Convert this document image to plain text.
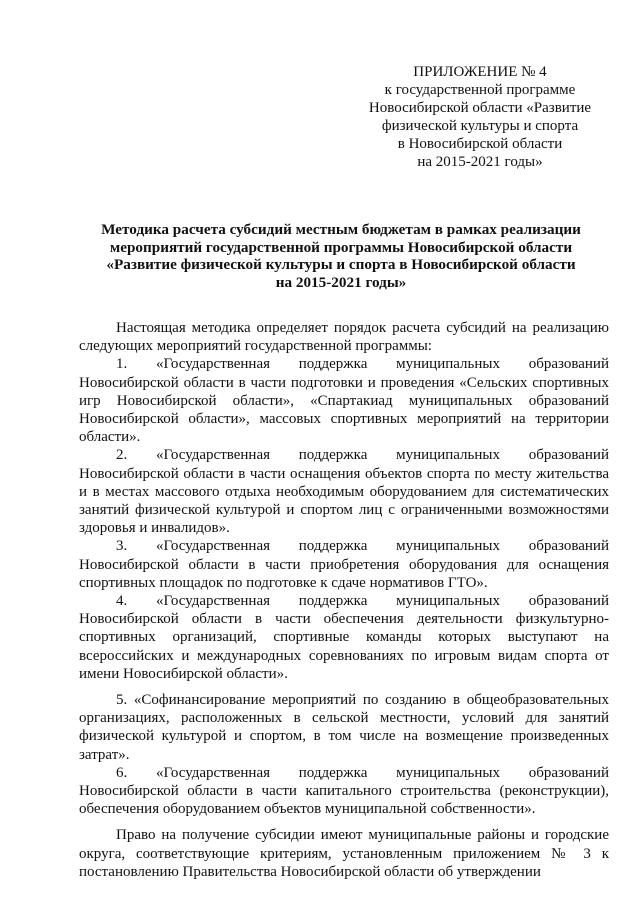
ПРИЛОЖЕНИЕ № 4
к государственной программе
Новосибирской области «Развитие
физической культуры и спорта
в Новосибирской области
на 2015-2021 годы»
Методика расчета субсидий местным бюджетам в рамках реализации
мероприятий государственной программы Новосибирской области
«Развитие физической культуры и спорта в Новосибирской области
на 2015-2021 годы»
Настоящая методика определяет порядок расчета субсидий на реализацию следующих мероприятий государственной программы:
1. «Государственная поддержка муниципальных образований Новосибирской области в части подготовки и проведения «Сельских спортивных игр Новосибирской области», «Спартакиад муниципальных образований Новосибирской области», массовых спортивных мероприятий на территории области».
2. «Государственная поддержка муниципальных образований Новосибирской области в части оснащения объектов спорта по месту жительства и в местах массового отдыха необходимым оборудованием для систематических занятий физической культурой и спортом лиц с ограниченными возможностями здоровья и инвалидов».
3. «Государственная поддержка муниципальных образований Новосибирской области в части приобретения оборудования для оснащения спортивных площадок по подготовке к сдаче нормативов ГТО».
4. «Государственная поддержка муниципальных образований Новосибирской области в части обеспечения деятельности физкультурно-спортивных организаций, спортивные команды которых выступают на всероссийских и международных соревнованиях по игровым видам спорта от имени Новосибирской области».
5. «Софинансирование мероприятий по созданию в общеобразовательных организациях, расположенных в сельской местности, условий для занятий физической культурой и спортом, в том числе на возмещение произведенных затрат».
6. «Государственная поддержка муниципальных образований Новосибирской области в части капитального строительства (реконструкции), обеспечения оборудованием объектов муниципальной собственности».
Право на получение субсидии имеют муниципальные районы и городские округа, соответствующие критериям, установленным приложением № 3 к постановлению Правительства Новосибирской области об утверждении
